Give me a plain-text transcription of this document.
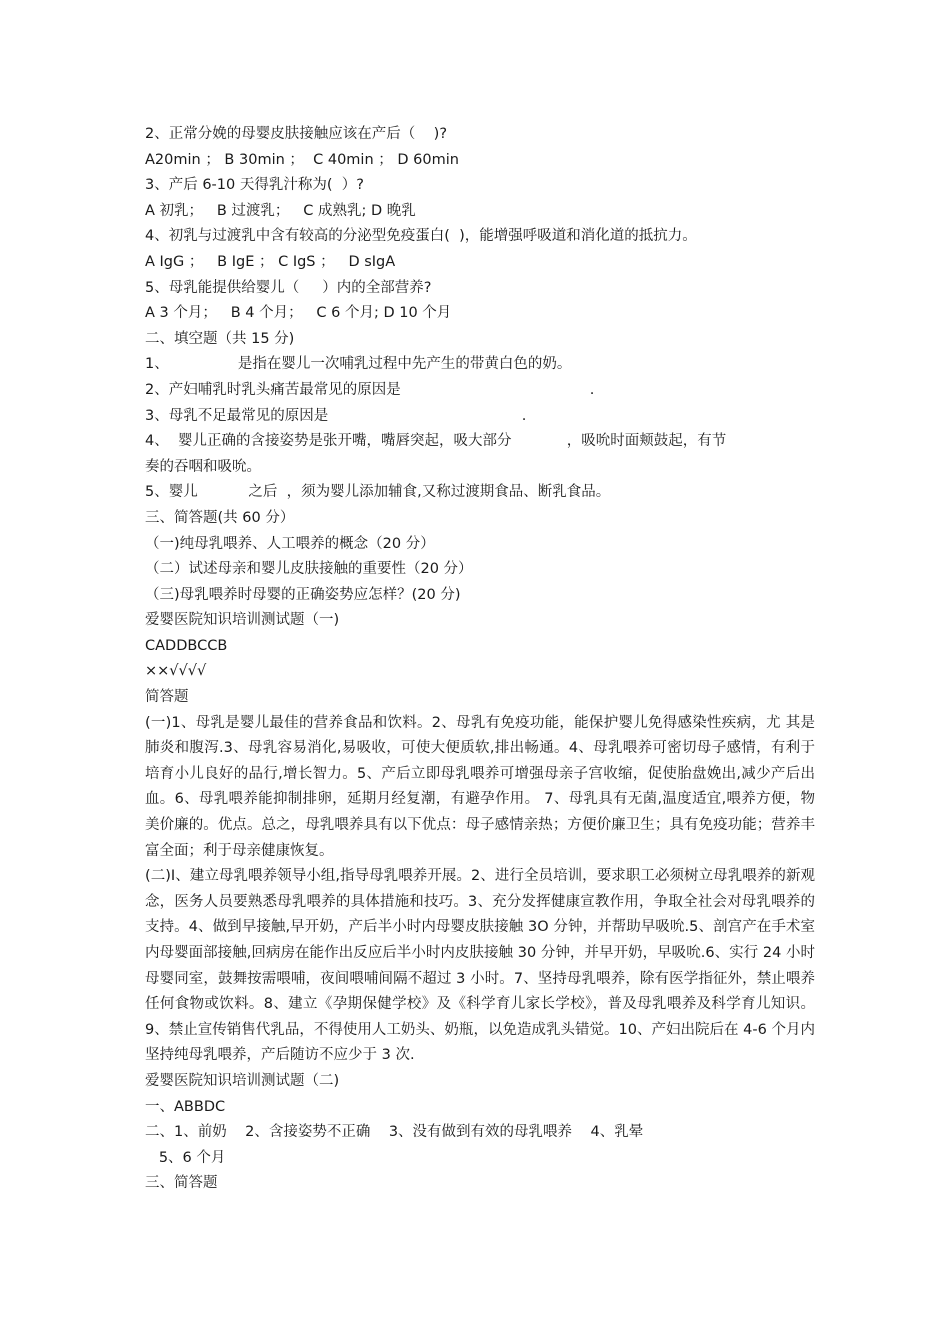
2、正常分娩的母婴皮肤接触应该在产后（    )?
A20min ； B 30min ；  C 40min ； D 60min
3、产后 6-10 天得乳汁称为(  ）?
A 初乳；   B 过渡乳；   C 成熟乳; D 晚乳
4、初乳与过渡乳中含有较高的分泌型免疫蛋白(  )，能增强呼吸道和消化道的抵抗力。
A IgG ；   B IgE ； C IgS ；   D sIgA
5、母乳能提供给婴儿（     ）内的全部营养?
A 3 个月；   B 4 个月；   C 6 个月; D 10 个月
二、填空题（共 15 分)
1、               是指在婴儿一次哺乳过程中先产生的带黄白色的奶。
2、产妇哺乳时乳头痛苦最常见的原因是                                         .
3、母乳不足最常见的原因是                                          .
4、  婴儿正确的含接姿势是张开嘴，嘴唇突起，吸大部分            ，吸吮时面颊鼓起，有节
奏的吞咽和吸吮。
5、婴儿           之后  ，须为婴儿添加辅食,又称过渡期食品、断乳食品。
三、简答题(共 60 分）
（一)纯母乳喂养、人工喂养的概念（20 分）
（二）试述母亲和婴儿皮肤接触的重要性（20 分）
（三)母乳喂养时母婴的正确姿势应怎样？(20 分)
爱婴医院知识培训测试题（一)
CADDBCCB
××√√√√
简答题
(一)1、母乳是婴儿最佳的营养食品和饮料。2、母乳有免疫功能，能保护婴儿免得感染性疾病，尤 其是肺炎和腹泻.3、母乳容易消化,易吸收，可使大便质软,排出畅通。4、母乳喂养可密切母子感情，有利于培育小儿良好的品行,增长智力。5、产后立即母乳喂养可增强母亲子宫收缩，促使胎盘娩出,减少产后出血。6、母乳喂养能抑制排卵，延期月经复潮，有避孕作用。 7、母乳具有无菌,温度适宜,喂养方便，物美价廉的。优点。总之，母乳喂养具有以下优点：母子感情亲热；方便价廉卫生；具有免疫功能；营养丰富全面；利于母亲健康恢复。
(二)I、建立母乳喂养领导小组,指导母乳喂养开展。2、进行全员培训，要求职工必须树立母乳喂养的新观念，医务人员要熟悉母乳喂养的具体措施和技巧。3、充分发挥健康宣教作用，争取全社会对母乳喂养的支持。4、做到早接触,早开奶，产后半小时内母婴皮肤接触 3O 分钟，并帮助早吸吮.5、剖宫产在手术室内母婴面部接触,回病房在能作出反应后半小时内皮肤接触 30 分钟，并早开奶，早吸吮.6、实行 24 小时母婴同室，鼓舞按需喂哺，夜间喂哺间隔不超过 3 小时。7、坚持母乳喂养，除有医学指征外，禁止喂养任何食物或饮料。8、建立《孕期保健学校》及《科学育儿家长学校》，普及母乳喂养及科学育儿知识。 9、禁止宣传销售代乳品，不得使用人工奶头、奶瓶，以免造成乳头错觉。10、产妇出院后在 4-6 个月内坚持纯母乳喂养，产后随访不应少于 3 次.
爱婴医院知识培训测试题（二)
一、ABBDC
二、1、前奶    2、含接姿势不正确    3、没有做到有效的母乳喂养    4、乳晕
5、6 个月
三、简答题
